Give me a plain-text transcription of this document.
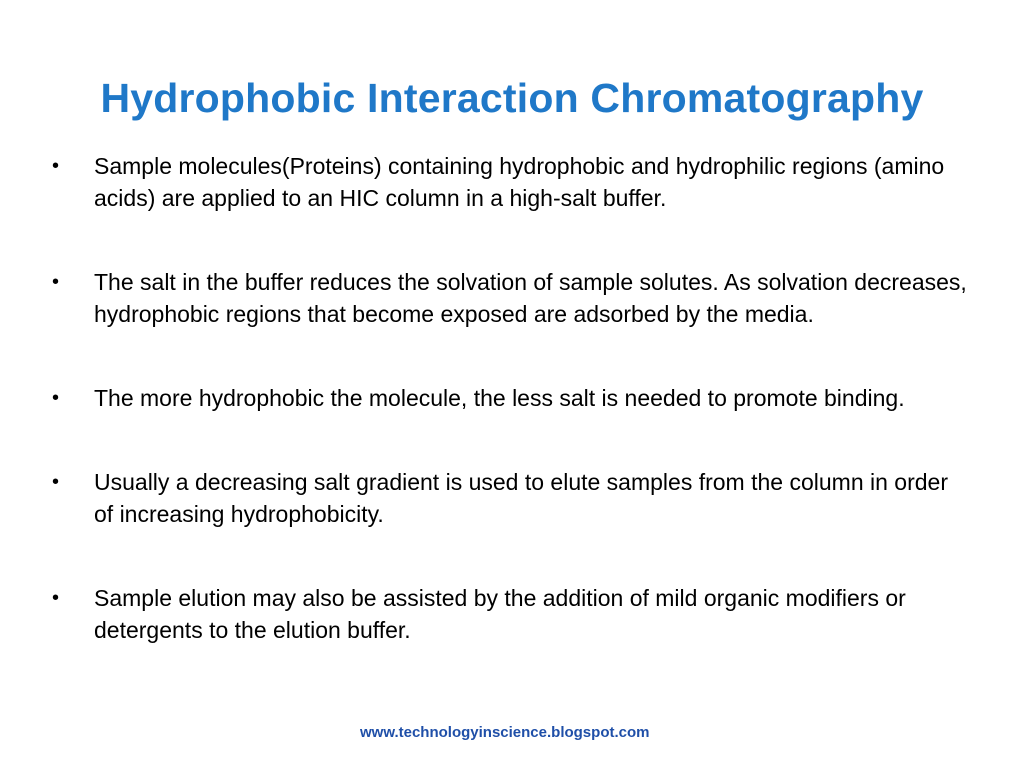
Hydrophobic Interaction Chromatography
•	Sample molecules(Proteins) containing hydrophobic and hydrophilic regions (amino acids) are applied to an HIC column in a high-salt buffer.
•	The salt in the buffer reduces the solvation of sample solutes. As solvation decreases, hydrophobic regions that become exposed are adsorbed by the media.
•	The more hydrophobic the molecule, the less salt is needed to promote binding.
•	Usually a decreasing salt gradient is used to elute samples from the column in order of increasing hydrophobicity.
•	Sample elution may also be assisted by the addition of mild organic modifiers or detergents to the elution buffer.
www.technologyinscience.blogspot.com
